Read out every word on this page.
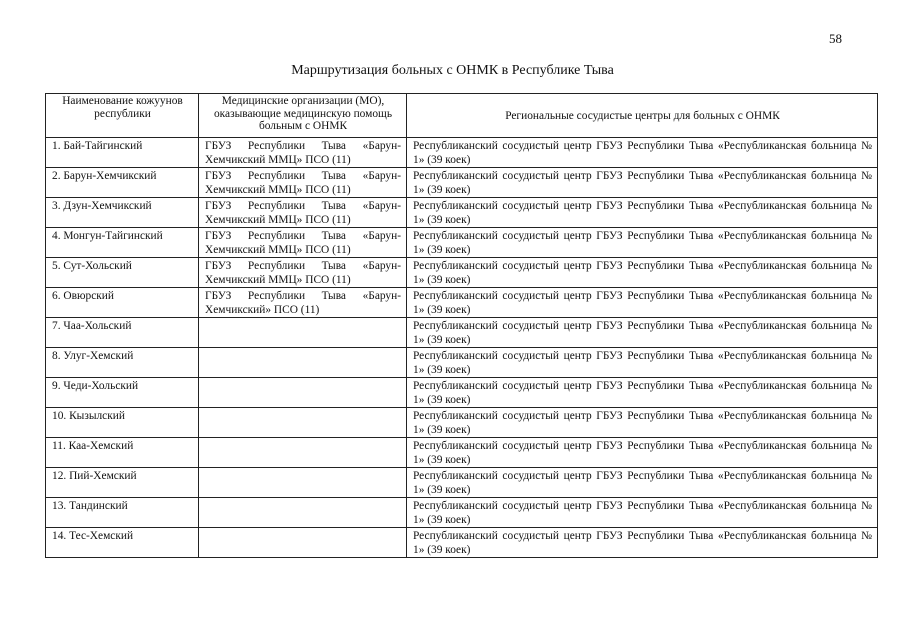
58
Маршрутизация больных с ОНМК в Республике Тыва
Наименование кожуунов республики	Медицинские организации (МО), оказывающие медицинскую помощь больным с ОНМК	Региональные сосудистые центры для больных с ОНМК
1. Бай-Тайгинский	ГБУЗ Республики Тыва «Барун-Хемчикский ММЦ» ПСО (11)	Республиканский сосудистый центр ГБУЗ Республики Тыва «Республиканская больница № 1» (39 коек)
2. Барун-Хемчикский	ГБУЗ Республики Тыва «Барун-Хемчикский ММЦ» ПСО (11)	Республиканский сосудистый центр ГБУЗ Республики Тыва «Республиканская больница № 1» (39 коек)
3. Дзун-Хемчикский	ГБУЗ Республики Тыва «Барун-Хемчикский ММЦ» ПСО (11)	Республиканский сосудистый центр ГБУЗ Республики Тыва «Республиканская больница № 1» (39 коек)
4. Монгун-Тайгинский	ГБУЗ Республики Тыва «Барун-Хемчикский ММЦ» ПСО (11)	Республиканский сосудистый центр ГБУЗ Республики Тыва «Республиканская больница № 1» (39 коек)
5. Сут-Хольский	ГБУЗ Республики Тыва «Барун-Хемчикский ММЦ» ПСО (11)	Республиканский сосудистый центр ГБУЗ Республики Тыва «Республиканская больница № 1» (39 коек)
6. Овюрский	ГБУЗ Республики Тыва «Барун-Хемчикский» ПСО (11)	Республиканский сосудистый центр ГБУЗ Республики Тыва «Республиканская больница № 1» (39 коек)
7. Чаа-Хольский		Республиканский сосудистый центр ГБУЗ Республики Тыва «Республиканская больница № 1» (39 коек)
8. Улуг-Хемский		Республиканский сосудистый центр ГБУЗ Республики Тыва «Республиканская больница № 1» (39 коек)
9. Чеди-Хольский		Республиканский сосудистый центр ГБУЗ Республики Тыва «Республиканская больница № 1» (39 коек)
10. Кызылский		Республиканский сосудистый центр ГБУЗ Республики Тыва «Республиканская больница № 1» (39 коек)
11. Каа-Хемский		Республиканский сосудистый центр ГБУЗ Республики Тыва «Республиканская больница № 1» (39 коек)
12. Пий-Хемский		Республиканский сосудистый центр ГБУЗ Республики Тыва «Республиканская больница № 1» (39 коек)
13. Тандинский		Республиканский сосудистый центр ГБУЗ Республики Тыва «Республиканская больница № 1» (39 коек)
14. Тес-Хемский		Республиканский сосудистый центр ГБУЗ Республики Тыва «Республиканская больница № 1» (39 коек)
